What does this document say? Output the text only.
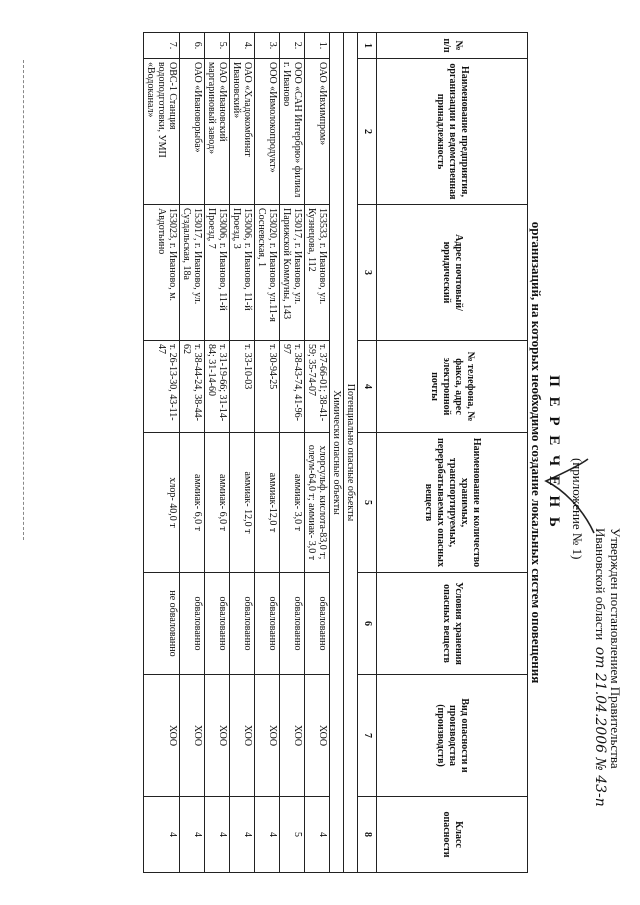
Утвержден постановлением Правительства
Ивановской области  от 21.04.2006 № 43-п
(приложение № 1)
П Е Р Е Ч Е Н Ь
организаций, на которых необходимо создание локальных систем оповещения
№ п/п	Наименование предприятия, организации и ведомственная принадлежность	Адрес почтовый/ юридический	№ телефона, № факса, адрес электронной почты	Наименование и количество хранимых, транспортируемых, перерабатываемых опасных веществ	Условия хранения опасных веществ	Вид опасности и производства (производств)	Класс опасности
1	2	3	4	5	6	7	8
Потенциально опасные объекты							
Химически опасные объекты							
1.	ОАО «Ивхимпром»	153533, г. Иваново, ул. Кузнецова, 112	т. 37-66-01; 38-41-59; 35-74-07	хлорсульф. кислота-83,0 т; олеум-64,0 т; аммиак- 3,0 т	обвалованно	ХОО	4
2.	ООО «САН Интербрю» филиал г. Иваново	153017, г. Иваново, ул. Парижской Коммуны, 143	т. 38-43-74, 41-96-97	аммиак- 3,0 т	обвалованно	ХОО	5
3.	ООО «Ивмолокопродукт»	153020, г. Иваново, ул.11-я Сосневская, 1	т. 30-94-25	аммиак-12,0 т	обвалованно	ХОО	4
4.	ОАО «Хладокомбинат Ивановский»	153006, г. Иваново, 11-й Проезд, 3	т. 33-10-03	аммиак- 12,0 т	обвалованно	ХОО	4
5.	ОАО «Ивановский маргариновый завод»	153006, г. Иваново, 11-й Проезд, 7	т. 31-19-66; 31-14-84; 31-14-60	аммиак- 6,0 т	обвалованно	ХОО	4
6.	ОАО «Ивановорыба»	153017, г. Иваново, ул. Суздальская, 18а	т. 38-44-24, 38-44-62	аммиак- 6,0 т	обвалованно	ХОО	4
7.	ОВС-1 Станция водоподготовки, УМП «Водоканал»	153023, г. Иваново, м. Авдотьино	т. 26-13-30, 43-11-47	хлор- 40,0 т	не обвалованно	ХОО	4
